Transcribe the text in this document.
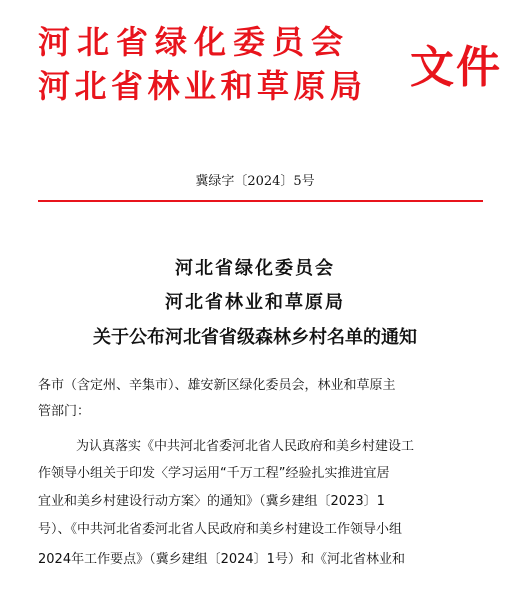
河北省绿化委员会
河北省林业和草原局 文件
冀绿字〔2024〕5号
河北省绿化委员会
河北省林业和草原局
关于公布河北省省级森林乡村名单的通知
各市（含定州、辛集市）、雄安新区绿化委员会，林业和草原主
管部门：
为认真落实《中共河北省委河北省人民政府和美乡村建设工
作领导小组关于印发〈学习运用“千万工程”经验扎实推进宜居
宜业和美乡村建设行动方案〉的通知》（冀乡建组〔2023〕1
号）、《中共河北省委河北省人民政府和美乡村建设工作领导小组
2024年工作要点》（冀乡建组〔2024〕1号）和《河北省林业和
